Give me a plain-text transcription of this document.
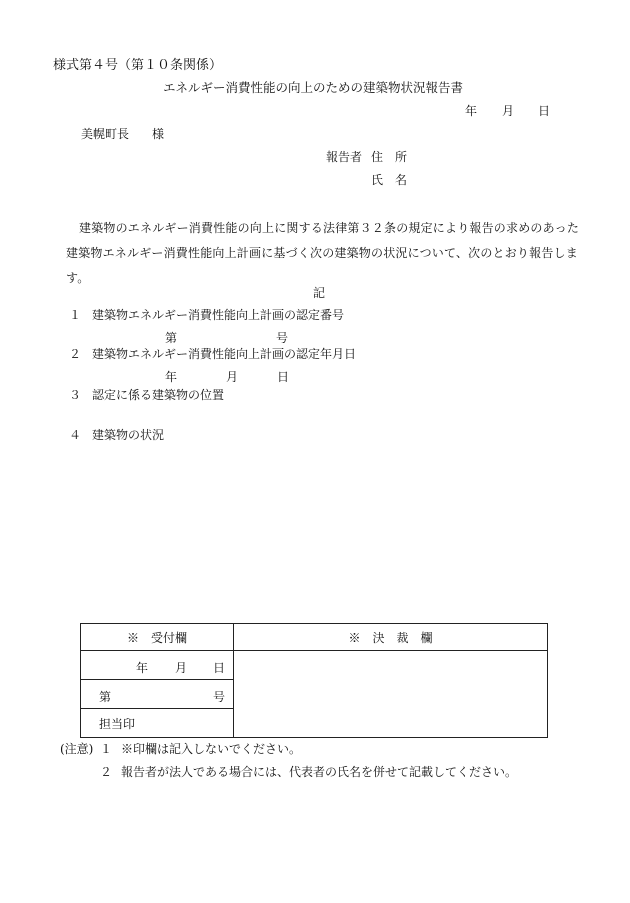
様式第４号（第１０条関係）
エネルギー消費性能の向上のための建築物状況報告書
年 月 日
美幌町長 様
報告者 住　所
氏　名
建築物のエネルギー消費性能の向上に関する法律第３２条の規定により報告の求めのあった建築物エネルギー消費性能向上計画に基づく次の建築物の状況について、次のとおり報告します。
記
１ 建築物エネルギー消費性能向上計画の認定番号
第	号
２ 建築物エネルギー消費性能向上計画の認定年月日
年	月	日
３ 認定に係る建築物の位置
４ 建築物の状況
※　受付欄	※　決　裁　欄

年 月 日	

第 号	

担当印	
(注意) １ ※印欄は記入しないでください。
２ 報告者が法人である場合には、代表者の氏名を併せて記載してください。
